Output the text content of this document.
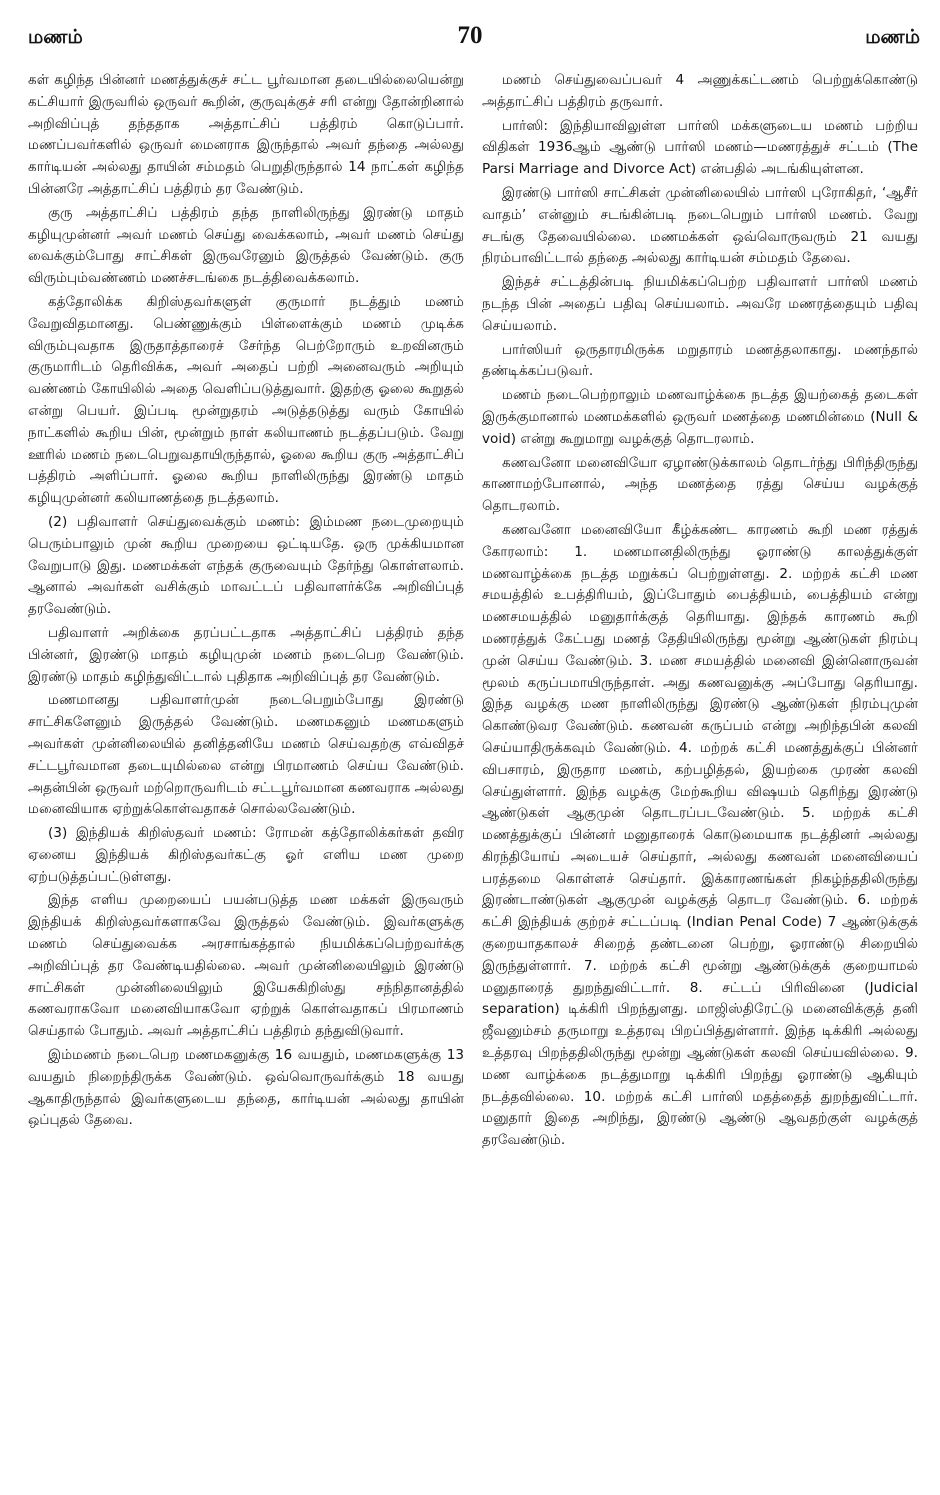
மணம்	70	மணம்

கள் கழிந்த பின்னர் மணத்துக்குச் சட்ட பூர்வமான தடையில்லையென்று கட்சியார் இருவரில் ஒருவர் கூறின், குருவுக்குச் சரி என்று தோன்றினால் அறிவிப்புத் தந்ததாக அத்தாட்சிப் பத்திரம் கொடுப்பார். மணப்பவர்களில் ஒருவர் மைனராக இருந்தால் அவர் தந்தை அல்லது கார்டியன் அல்லது தாயின் சம்மதம் பெறுதிருந்தால் 14 நாட்கள் கழிந்த பின்னரே அத்தாட்சிப் பத்திரம் தர வேண்டும்.

குரு அத்தாட்சிப் பத்திரம் தந்த நாளிலிருந்து இரண்டு மாதம் கழியுமுன்னர் அவர் மணம் செய்து வைக்கலாம், அவர் மணம் செய்து வைக்கும்போது சாட்சிகள் இருவரேனும் இருத்தல் வேண்டும். குரு விரும்பும்வண்ணம் மணச்சடங்கை நடத்திவைக்கலாம்.

கத்தோலிக்க கிறிஸ்தவர்களுள் குருமார் நடத்தும் மணம் வேறுவிதமானது. பெண்ணுக்கும் பிள்ளைக்கும் மணம் முடிக்க விரும்புவதாக இருதாத்தாரைச் சேர்ந்த பெற்றோரும் உறவினரும் குருமாரிடம் தெரிவிக்க, அவர் அதைப் பற்றி அனைவரும் அறியும் வண்ணம் கோயிலில் அதை வெளிப்படுத்துவார். இதற்கு ஓலை கூறுதல் என்று பெயர். இப்படி மூன்றுதரம் அடுத்தடுத்து வரும் கோயில் நாட்களில் கூறிய பின், மூன்றும் நாள் கலியாணம் நடத்தப்படும். வேறு ஊரில் மணம் நடைபெறுவதாயிருந்தால், ஓலை கூறிய குரு அத்தாட்சிப் பத்திரம் அளிப்பார். ஓலை கூறிய நாளிலிருந்து இரண்டு மாதம் கழியுமுன்னர் கலியாணத்தை நடத்தலாம்.

(2) பதிவாளர் செய்துவைக்கும் மணம்: இம்மண நடைமுறையும் பெரும்பாலும் முன் கூறிய முறையை ஒட்டியதே. ஒரு முக்கியமான வேறுபாடு இது. மணமக்கள் எந்தக் குருவையும் தேர்ந்து கொள்ளலாம். ஆனால் அவர்கள் வசிக்கும் மாவட்டப் பதிவாளர்க்கே அறிவிப்புத் தரவேண்டும்.

பதிவாளர் அறிக்கை தரப்பட்டதாக அத்தாட்சிப் பத்திரம் தந்த பின்னர், இரண்டு மாதம் கழியுமுன் மணம் நடைபெற வேண்டும். இரண்டு மாதம் கழிந்துவிட்டால் புதிதாக அறிவிப்புத் தர வேண்டும்.

மணமானது பதிவாளர்முன் நடைபெறும்போது இரண்டு சாட்சிகளேனும் இருத்தல் வேண்டும். மணமகனும் மணமகளும் அவர்கள் முன்னிலையில் தனித்தனியே மணம் செய்வதற்கு எவ்விதச் சட்டபூர்வமான தடையுமில்லை என்று பிரமாணம் செய்ய வேண்டும். அதன்பின் ஒருவர் மற்றொருவரிடம் சட்டபூர்வமான கணவராக அல்லது மனைவியாக ஏற்றுக்கொள்வதாகச் சொல்லவேண்டும்.

(3) இந்தியக் கிறிஸ்தவர் மணம்: ரோமன் கத்தோலிக்கர்கள் தவிர ஏனைய இந்தியக் கிறிஸ்தவர்கட்கு ஓர் எளிய மண முறை ஏற்படுத்தப்பட்டுள்ளது.

இந்த எளிய முறையைப் பயன்படுத்த மண மக்கள் இருவரும் இந்தியக் கிறிஸ்தவர்களாகவே இருத்தல் வேண்டும். இவர்களுக்கு மணம் செய்துவைக்க அரசாங்கத்தால் நியமிக்கப்பெற்றவர்க்கு அறிவிப்புத் தர வேண்டியதில்லை. அவர் முன்னிலையிலும் இரண்டு சாட்சிகள் முன்னிலையிலும் இயேசுகிறிஸ்து சந்நிதானத்தில் கணவராகவோ மனைவியாகவோ ஏற்றுக் கொள்வதாகப் பிரமாணம் செய்தால் போதும். அவர் அத்தாட்சிப் பத்திரம் தந்துவிடுவார்.

இம்மணம் நடைபெற மணமகனுக்கு 16 வயதும், மணமகளுக்கு 13 வயதும் நிறைந்திருக்க வேண்டும். ஒவ்வொருவர்க்கும் 18 வயது ஆகாதிருந்தால் இவர்களுடைய தந்தை, கார்டியன் அல்லது தாயின் ஒப்புதல் தேவை.

மணம் செய்துவைப்பவர் 4 அணுக்கட்டணம் பெற்றுக்கொண்டு அத்தாட்சிப் பத்திரம் தருவார்.

பார்ஸி: இந்தியாவிலுள்ள பார்ஸி மக்களுடைய மணம் பற்றிய விதிகள் 1936ஆம் ஆண்டு பார்ஸி மணம்—மணரத்துச் சட்டம் (The Parsi Marriage and Divorce Act) என்பதில் அடங்கியுள்ளன.

இரண்டு பார்ஸி சாட்சிகள் முன்னிலையில் பார்ஸி புரோகிதர், ‘ஆசீர் வாதம்’ என்னும் சடங்கின்படி நடைபெறும் பார்ஸி மணம். வேறு சடங்கு தேவையில்லை. மணமக்கள் ஒவ்வொருவரும் 21 வயது நிரம்பாவிட்டால் தந்தை அல்லது கார்டியன் சம்மதம் தேவை.

இந்தச் சட்டத்தின்படி நியமிக்கப்பெற்ற பதிவாளர் பார்ஸி மணம் நடந்த பின் அதைப் பதிவு செய்யலாம். அவரே மணரத்தையும் பதிவு செய்யலாம்.

பார்ஸியர் ஒருதாரமிருக்க மறுதாரம் மணத்தலாகாது. மணந்தால் தண்டிக்கப்படுவர்.

மணம் நடைபெற்றாலும் மணவாழ்க்கை நடத்த இயற்கைத் தடைகள் இருக்குமானால் மணமக்களில் ஒருவர் மணத்தை மணமின்மை (Null & void) என்று கூறுமாறு வழக்குத் தொடரலாம்.

கணவனோ மனைவியோ ஏழாண்டுக்காலம் தொடர்ந்து பிரிந்திருந்து காணாமற்போனால், அந்த மணத்தை ரத்து செய்ய வழக்குத் தொடரலாம்.

கணவனோ மனைவியோ கீழ்க்கண்ட காரணம் கூறி மண ரத்துக் கோரலாம்: 1. மணமானதிலிருந்து ஓராண்டு காலத்துக்குள் மணவாழ்க்கை நடத்த மறுக்கப் பெற்றுள்ளது. 2. மற்றக் கட்சி மண சமயத்தில் உபத்திரியம், இப்போதும் பைத்தியம், பைத்தியம் என்று மணசமயத்தில் மனுதார்க்குத் தெரியாது. இந்தக் காரணம் கூறி மணரத்துக் கேட்பது மணத் தேதியிலிருந்து மூன்று ஆண்டுகள் நிரம்பு முன் செய்ய வேண்டும். 3. மண சமயத்தில் மனைவி இன்னொருவன் மூலம் கருப்பமாயிருந்தாள். அது கணவனுக்கு அப்போது தெரியாது. இந்த வழக்கு மண நாளிலிருந்து இரண்டு ஆண்டுகள் நிரம்புமுன் கொண்டுவர வேண்டும். கணவன் கருப்பம் என்று அறிந்தபின் கலவி செய்யாதிருக்கவும் வேண்டும். 4. மற்றக் கட்சி மணத்துக்குப் பின்னர் விபசாரம், இருதார மணம், கற்பழித்தல், இயற்கை முரண் கலவி செய்துள்ளார். இந்த வழக்கு மேற்கூறிய விஷயம் தெரிந்து இரண்டு ஆண்டுகள் ஆகுமுன் தொடரப்படவேண்டும். 5. மற்றக் கட்சி மணத்துக்குப் பின்னர் மனுதாரைக் கொடுமையாக நடத்தினர் அல்லது கிரந்தியோய் அடையச் செய்தார், அல்லது கணவன் மனைவியைப் பரத்தமை கொள்ளச் செய்தார். இக்காரணங்கள் நிகழ்ந்ததிலிருந்து இரண்டாண்டுகள் ஆகுமுன் வழக்குத் தொடர வேண்டும். 6. மற்றக் கட்சி இந்தியக் குற்றச் சட்டப்படி (Indian Penal Code) 7 ஆண்டுக்குக் குறையாதகாலச் சிறைத் தண்டனை பெற்று, ஓராண்டு சிறையில் இருந்துள்ளார். 7. மற்றக் கட்சி மூன்று ஆண்டுக்குக் குறையாமல் மனுதாரைத் துறந்துவிட்டார். 8. சட்டப் பிரிவினை (Judicial separation) டிக்கிரி பிறந்துளது. மாஜிஸ்திரேட்டு மனைவிக்குத் தனி ஜீவனும்சம் தருமாறு உத்தரவு பிறப்பித்துள்ளார். இந்த டிக்கிரி அல்லது உத்தரவு பிறந்ததிலிருந்து மூன்று ஆண்டுகள் கலவி செய்யவில்லை. 9. மண வாழ்க்கை நடத்துமாறு டிக்கிரி பிறந்து ஓராண்டு ஆகியும் நடத்தவில்லை. 10. மற்றக் கட்சி பார்ஸி மதத்தைத் துறந்துவிட்டார். மனுதார் இதை அறிந்து, இரண்டு ஆண்டு ஆவதற்குள் வழக்குத் தரவேண்டும்.
